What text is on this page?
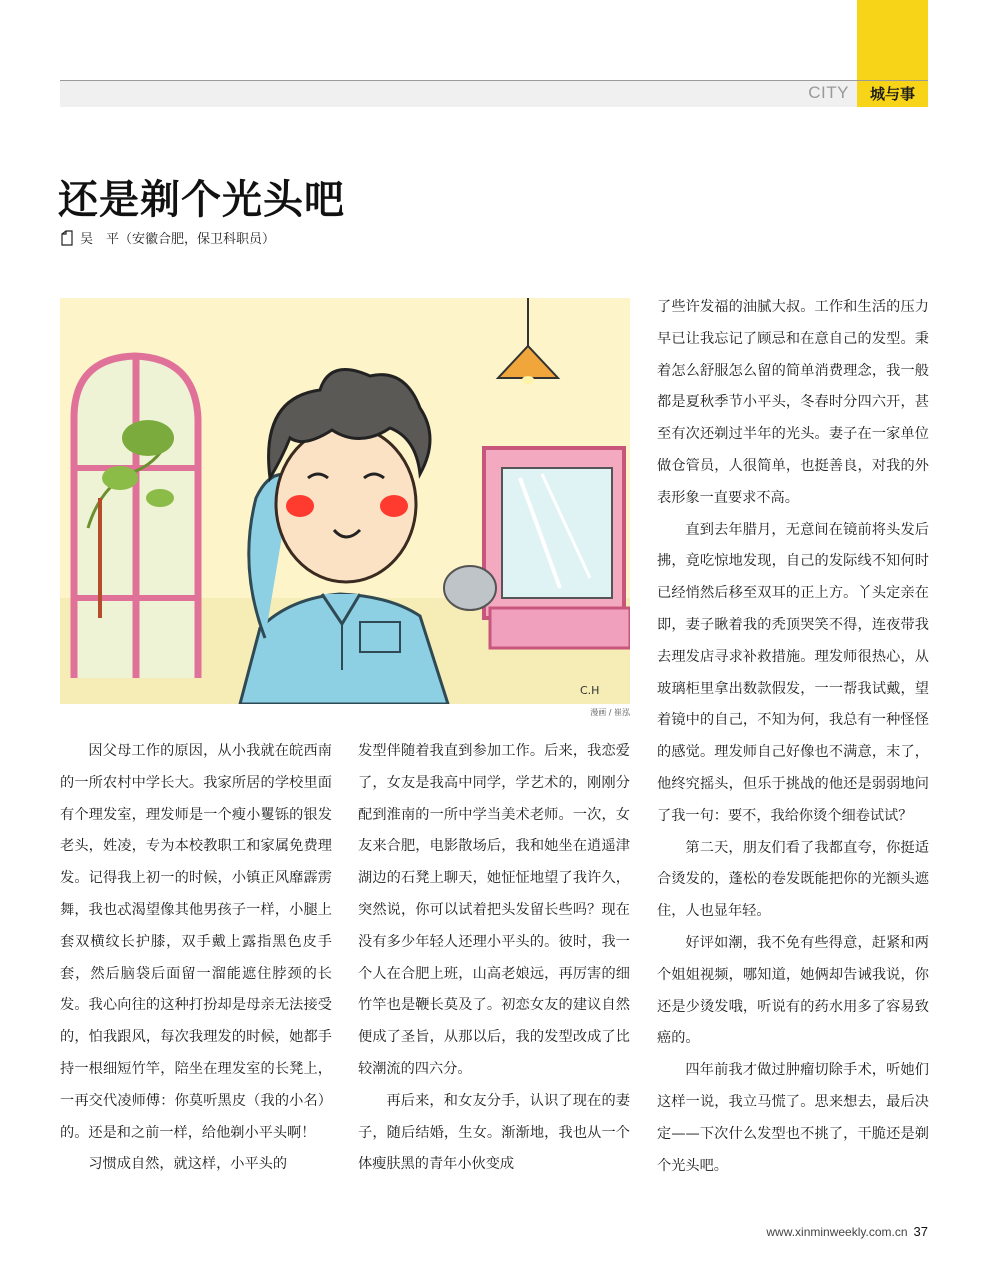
CITY	城与事
还是剃个光头吧
吴　平（安徽合肥，保卫科职员）
C.H
漫画 / 崔泓

因父母工作的原因，从小我就在皖西南的一所农村中学长大。我家所居的学校里面有个理发室，理发师是一个瘦小矍铄的银发老头，姓凌，专为本校教职工和家属免费理发。记得我上初一的时候，小镇正风靡霹雳舞，我也忒渴望像其他男孩子一样，小腿上套双横纹长护膝，双手戴上露指黑色皮手套，然后脑袋后面留一溜能遮住脖颈的长发。我心向往的这种打扮却是母亲无法接受的，怕我跟风，每次我理发的时候，她都手持一根细短竹竿，陪坐在理发室的长凳上，一再交代凌师傅：你莫听黑皮（我的小名）的。还是和之前一样，给他剃小平头啊！

习惯成自然，就这样，小平头的

发型伴随着我直到参加工作。后来，我恋爱了，女友是我高中同学，学艺术的，刚刚分配到淮南的一所中学当美术老师。一次，女友来合肥，电影散场后，我和她坐在逍遥津湖边的石凳上聊天，她怔怔地望了我许久，突然说，你可以试着把头发留长些吗？现在没有多少年轻人还理小平头的。彼时，我一个人在合肥上班，山高老娘远，再厉害的细竹竿也是鞭长莫及了。初恋女友的建议自然便成了圣旨，从那以后，我的发型改成了比较潮流的四六分。

再后来，和女友分手，认识了现在的妻子，随后结婚，生女。渐渐地，我也从一个体瘦肤黑的青年小伙变成

了些许发福的油腻大叔。工作和生活的压力早已让我忘记了顾忌和在意自己的发型。秉着怎么舒服怎么留的简单消费理念，我一般都是夏秋季节小平头，冬春时分四六开，甚至有次还剃过半年的光头。妻子在一家单位做仓管员，人很简单，也挺善良，对我的外表形象一直要求不高。

直到去年腊月，无意间在镜前将头发后拂，竟吃惊地发现，自己的发际线不知何时已经悄然后移至双耳的正上方。丫头定亲在即，妻子瞅着我的秃顶哭笑不得，连夜带我去理发店寻求补救措施。理发师很热心，从玻璃柜里拿出数款假发，一一帮我试戴，望着镜中的自己，不知为何，我总有一种怪怪的感觉。理发师自己好像也不满意，末了，他终究摇头，但乐于挑战的他还是弱弱地问了我一句：要不，我给你烫个细卷试试？

第二天，朋友们看了我都直夸，你挺适合烫发的，蓬松的卷发既能把你的光额头遮住，人也显年轻。

好评如潮，我不免有些得意，赶紧和两个姐姐视频，哪知道，她俩却告诫我说，你还是少烫发哦，听说有的药水用多了容易致癌的。

四年前我才做过肿瘤切除手术，听她们这样一说，我立马慌了。思来想去，最后决定——下次什么发型也不挑了，干脆还是剃个光头吧。

www.xinminweekly.com.cn 37
